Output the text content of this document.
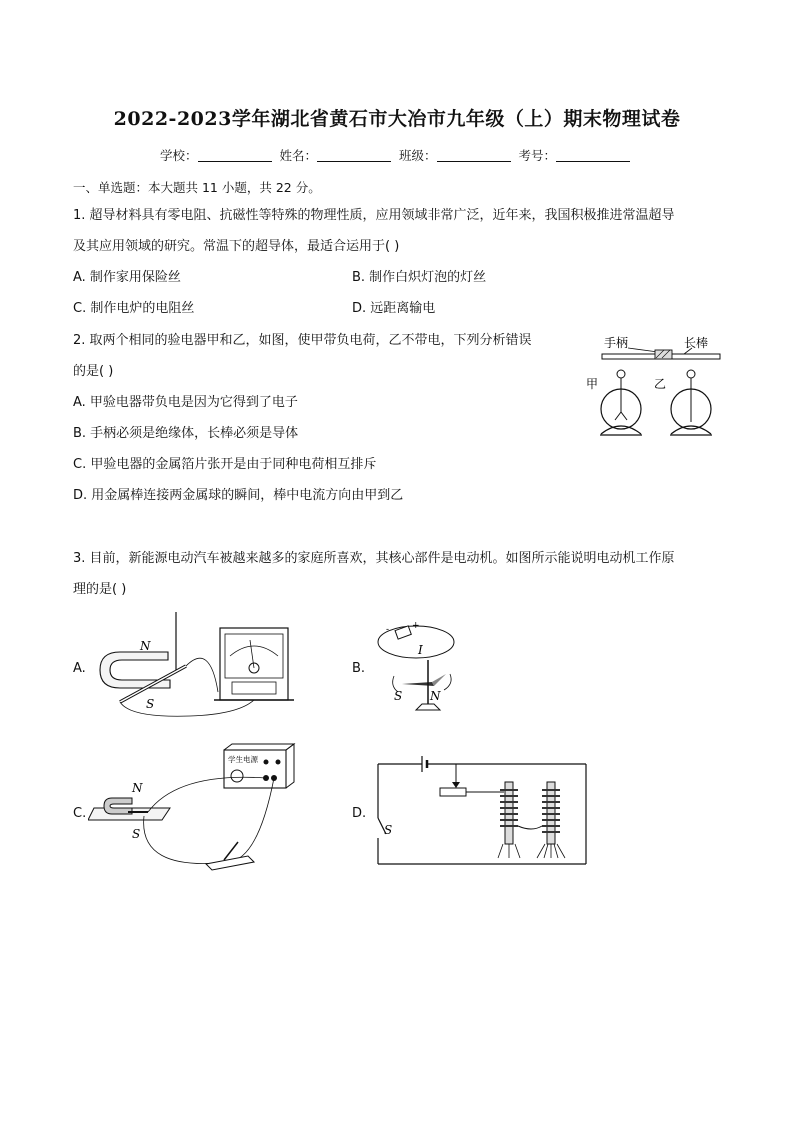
2022-2023学年湖北省黄石市大冶市九年级（上）期末物理试卷
学校：	姓名：	班级：	考号：
一、单选题：本大题共 11 小题，共 22 分。
1. 超导材料具有零电阻、抗磁性等特殊的物理性质，应用领域非常广泛，近年来，我国积极推进常温超导
及其应用领域的研究。常温下的超导体，最适合运用于( )
A. 制作家用保险丝	B. 制作白炽灯泡的灯丝
C. 制作电炉的电阻丝	D. 远距离输电
2. 取两个相同的验电器甲和乙，如图，使甲带负电荷，乙不带电，下列分析错误
的是( )
A. 甲验电器带负电是因为它得到了电子
B. 手柄必须是绝缘体，长棒必须是导体
C. 甲验电器的金属箔片张开是由于同种电荷相互排斥
D. 用金属棒连接两金属球的瞬间，棒中电流方向由甲到乙
手柄	长棒
甲	乙
3. 目前，新能源电动汽车被越来越多的家庭所喜欢，其核心部件是电动机。如图所示能说明电动机工作原
理的是( )
A.	B.
C.	D.
N
S
+
-
I
S N
学生电源
N
S	S
